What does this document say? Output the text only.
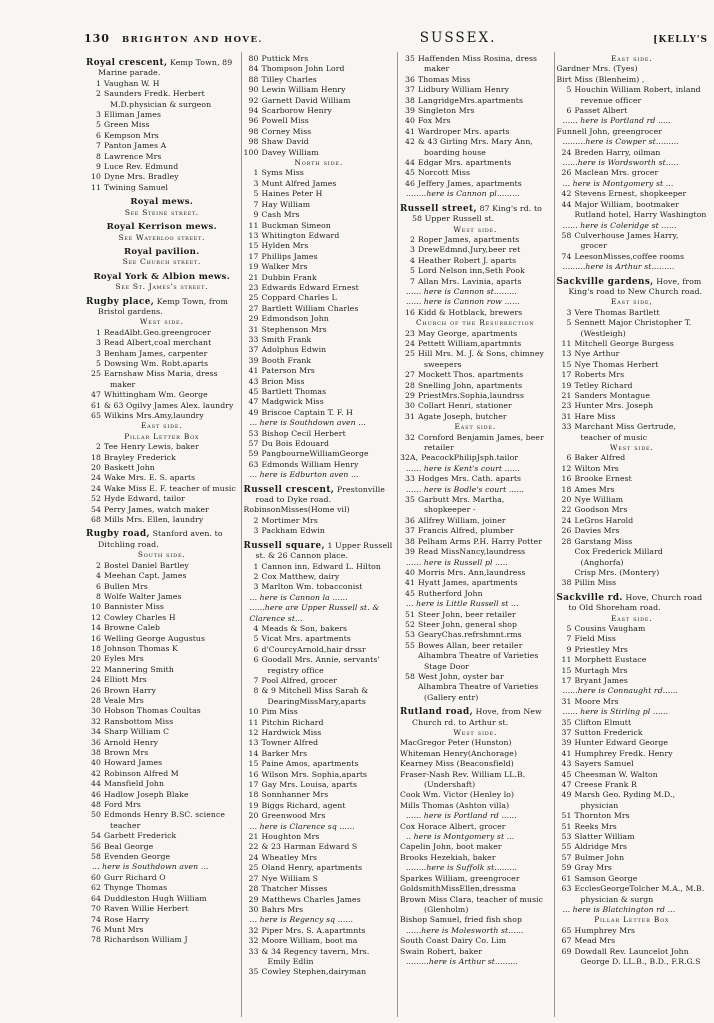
130 BRIGHTON AND HOVE.	SUSSEX.	[KELLY'S
Royal crescent, Kemp Town, 89 Marine parade.
1 Vaughan W. H
2 Saunders Fredk. Herbert M.D.physician & surgeon
3 Elliman James
5 Green Miss
6 Kempson Mrs
7 Panton James A
8 Lawrence Mrs
9 Luce Rev. Edmund
10 Dyne Mrs. Bradley
11 Twining Samuel
Royal mews.
See Steine street.
Royal Kerrison mews.
See Waterloo street.
Royal pavilion.
See Church street.
Royal York & Albion mews.
See St. James's street.
Rugby place, Kemp Town, from Bristol gardens.
West side.
1 ReadAlbt.Geo.greengrocer
3 Read Albert,coal merchant
3 Benham James, carpenter
5 Dowsing Wm. Robt.aparts
25 Earnshaw Miss Maria, dress maker
47 Whittingham Wm. George
61 & 63 Ogilvy James Alex. laundry
65 Wilkins Mrs.Amy,laundry
East side.
Pillar Letter Box
2 Tee Henry Lewis, baker
18 Brayley Frederick
20 Baskett John
24 Wake Mrs. E. S. aparts
24 Wake Miss E. F. teacher of music
52 Hyde Edward, tailor
54 Perry James, watch maker
68 Mills Mrs. Ellen, laundry
Rugby road, Stanford aven. to Ditchling road.
South side.
2 Bostel Daniel Bartley
4 Meehan Capt. James
6 Bullen Mrs
8 Wolfe Walter James
10 Bannister Miss
12 Cowley Charles H
14 Browne Caleb
16 Welling George Augustus
18 Johnson Thomas K
20 Eyles Mrs
22 Mannering Smith
24 Elliott Mrs
26 Brown Harry
28 Veale Mrs
30 Hobson Thomas Coultas
32 Ransbottom Miss
34 Sharp William C
36 Arnold Henry
38 Brown Mrs
40 Howard James
42 Robinson Alfred M
44 Mansfield John
46 Hadlow Joseph Blake
48 Ford Mrs
50 Edmonds Henry B.SC. science teacher
54 Garbett Frederick
56 Beal George
58 Evenden George
... here is Southdown aven ...
60 Gurr Richard O
62 Thynge Thomas
64 Duddleston Hugh William
70 Raven Willie Herbert
74 Rose Harry
76 Munt Mrs
78 Richardson William J
80 Puttick Mrs
84 Thompson John Lord
88 Tilley Charles
90 Lewin William Henry
92 Garnett David William
94 Scarborow Henry
96 Powell Miss
98 Corney Miss
98 Shaw David
100 Davey William
North side.
1 Syms Miss
3 Munt Alfred James
5 Haines Peter H
7 Hay William
9 Cash Mrs
11 Buckman Simeon
13 Whitington Edward
15 Hylden Mrs
17 Phillips James
19 Walker Mrs
21 Dubbin Frank
23 Edwards Edward Ernest
25 Coppard Charles L
27 Bartlett William Charles
29 Edmondson John
31 Stephenson Mrs
33 Smith Frank
37 Adolphus Edwin
39 Booth Frank
41 Paterson Mrs
43 Brion Miss
45 Bartlett Thomas
47 Madgwick Miss
49 Briscoe Captain T. F. H
... here is Southdown aven ...
53 Bishop Cecil Herbert
57 Du Bois Edouard
59 PangbourneWilliamGeorge
63 Edmonds William Henry
... here is Edburton aven ...
Russell crescent, Prestonville road to Dyke road.
RobinsonMisses(Home vil)
2 Mortimer Mrs
3 Packham Edwin
Russell square, 1 Upper Russell st. & 26 Cannon place.
1 Cannon inn, Edward L. Hilton
2 Cox Matthew, dairy
3 Marlton Wm. tobacconist
... here is Cannon la ......
......here are Upper Russell st. & Clarence st...
4 Meads & Son, bakers
5 Vicat Mrs. apartments
6 d'CourcyArnold,hair drssr
6 Goodall Mrs. Annie, servants' registry office
7 Pool Alfred, grocer
8 & 9 Mitchell Miss Sarah & DearingMissMary,aparts
10 Pim Miss
11 Pitchin Richard
12 Hardwick Miss
13 Towner Alfred
14 Barker Mrs
15 Paine Amos, apartments
16 Wilson Mrs. Sophia,aparts
17 Gay Mrs. Louisa, aparts
18 Sonnhanner Mrs
19 Biggs Richard, agent
20 Greenwood Mrs
... here is Clarence sq ......
21 Houghton Mrs
22 & 23 Harman Edward S
24 Wheatley Mrs
25 Oland Henry, apartments
27 Nye William S
28 Thatcher Misses
29 Matthews Charles James
30 Bahrs Mrs
... here is Regency sq ......
32 Piper Mrs. S. A.apartmnts
32 Moore William, boot ma
33 & 34 Regency tavern, Mrs. Emily Edlin
35 Cowley Stephen,dairyman
35 Haffenden Miss Rosina, dress maker
36 Thomas Miss
37 Lidbury William Henry
38 LangridgeMrs.apartments
39 Singleton Mrs
40 Fox Mrs
41 Wardroper Mrs. aparts
42 & 43 Girling Mrs. Mary Ann, boarding house
44 Edgar Mrs. apartments
45 Norcott Miss
46 Jeffery James, apartments
........here is Cannon pl.........
Russell street, 87 King's rd. to 58 Upper Russell st.
West side.
2 Roper James, apartments
3 DrewEdmnd.Jury,beer ret
4 Heather Robert J. aparts
5 Lord Nelson inn,Seth Pook
7 Allan Mrs. Lavinia, aparts
...... here is Cannon st.........
...... here is Cannon row ......
16 Kidd & Hotblack, brewers
Church of the Resurrection
23 May George, apartments
24 Pettett William,apartmnts
25 Hill Mrs. M. J. & Sons, chimney sweepers
27 Mockett Thos. apartments
28 Snelling John, apartments
29 PriestMrs.Sophia,laundrss
30 Collart Henri, stationer
31 Agate Joseph, butcher
East side.
32 Cornford Benjamin James, beer retailer
32A, PeacockPhilipJsph.tailor
...... here is Kent's court ......
33 Hodges Mrs. Cath. aparts
...... here is Bodle's court ......
35 Garbutt Mrs. Martha, shopkeeper -
36 Allfrey William, joiner
37 Francis Alfred, plumber
38 Pelham Arms P.H. Harry Potter
39 Read MissNancy,laundress
...... here is Russell pl .....
40 Morris Mrs. Ann,laundress
41 Hyatt James, apartments
45 Rutherford John
... here is Little Russell st ...
51 Steer John, beer retailer
52 Steer John, general shop
53 GearyChas.refrshmnt.rms
55 Bowes Allan, beer retailer
Alhambra Theatre of Varieties Stage Door
58 West John, oyster bar
Alhambra Theatre of Varieties (Gallery entr)
Rutland road, Hove, from New Church rd. to Arthur st.
West side.
MacGregor Peter (Hunston)
Whiteman Henry(Anchorage)
Kearney Miss (Beaconsfield)
Fraser-Nash Rev. William LL.B. (Undershaft)
Cook Wm. Victor (Henley lo)
Mills Thomas (Ashton villa)
...... here is Portland rd ......
Cox Horace Albert, grocer
.. here is Montgomery st ...
Capelin John, boot maker
Brooks Hezekiah, baker
........here is Suffolk st.........
Sparkes William, greengrocer
GoldsmithMissEllen,dressma
Brown Miss Clara, teacher of music (Glenholm)
Bishop Samuel, fried fish shop
......here is Molesworth st......
South Coast Dairy Co. Lim
Swain Robert, baker
.........here is Arthur st.........
East side.
Gardner Mrs. (Tyes)
Birt Miss (Blenheim) ,
5 Houchin William Robert, inland revenue officer
6 Passet Albert
...... here is Portland rd .....
Funnell John, greengrocer
.........here is Cowper st.........
24 Breden Harry, oilman
......here is Wordsworth st.....
26 Maclean Mrs. grocer
... here is Montgomery st ...
42 Stevens Ernest, shopkeeper
44 Major William, bootmaker
Rutland hotel, Harry Washington
...... here is Coleridge st ......
58 Culverhouse James Harry, grocer
74 LeesonMisses,coffee rooms
.........here is Arthur st.........
Sackville gardens, Hove, from King's road to New Church road.
East side,
3 Vere Thomas Bartlett
5 Sennett Major Christopher T. (Westleigh)
11 Mitchell George Burgess
13 Nye Arthur
15 Nye Thomas Herbert
17 Roberts Mrs
19 Tetley Richard
21 Sanders Montague
23 Hunter Mrs. Joseph
31 Hare Miss
33 Marchant Miss Gertrude, teacher of music
West side.
6 Baker Alfred
12 Wilton Mrs
16 Brooke Ernest
18 Ames Mrs
20 Nye William
22 Goodson Mrs
24 LeGros Harold
26 Davies Mrs
28 Garstang Miss
Cox Frederick Millard (Anghorfa)
Crisp Mrs. (Montery)
38 Pillin Miss
Sackville rd. Hove, Church road to Old Shoreham road.
East side.
5 Cousins Vaugham
7 Field Miss
9 Priestley Mrs
11 Morphett Eustace
15 Murtagh Mrs
17 Bryant James
......here is Connaught rd......
31 Moore Mrs
...... here is Stirling pl ......
35 Clifton Elmutt
37 Sutton Frederick
39 Hunter Edward George
41 Humphrey Fredk. Henry
43 Sayers Samuel
45 Cheesman W. Walton
47 Creese Frank R
49 Marsh Geo. Ryding M.D., physician
51 Thornton Mrs
51 Reeks Mrs
53 Slatter William
55 Aldridge Mrs
57 Bulmer John
59 Gray Mrs
61 Samson George
63 EcclesGeorgeTolcher M.A., M.B. physician & surgn
... here is Blatchington rd ...
Pillar Letter Box
65 Humphrey Mrs
67 Mead Mrs
69 Dowdall Rev. Launcelot John George D. LL.B., B.D., F.R.G.S
